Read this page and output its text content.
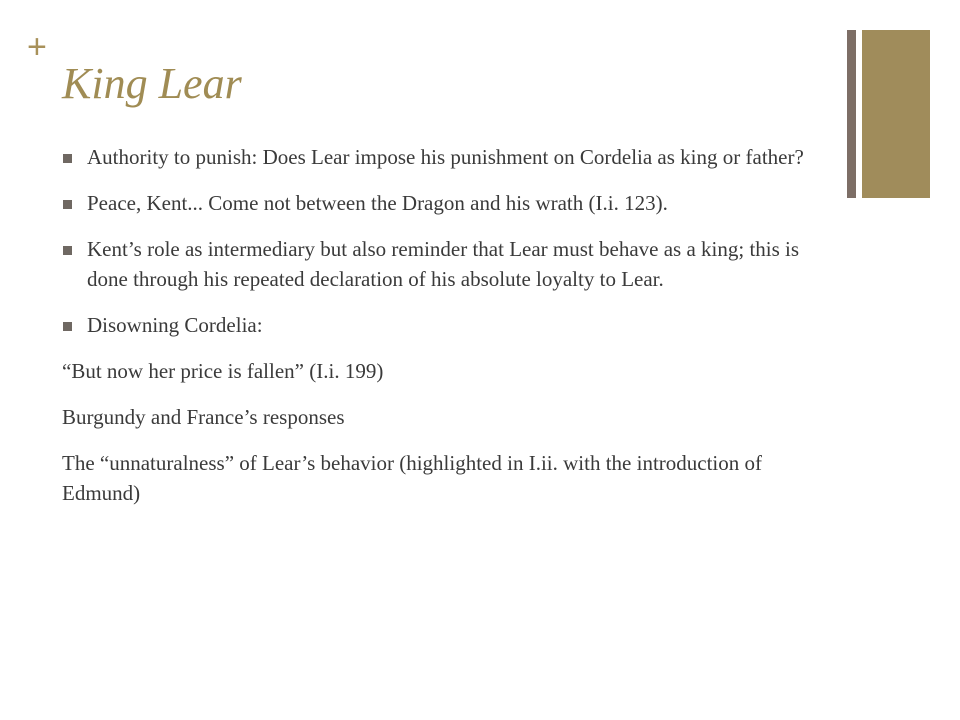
+
King Lear
Authority to punish: Does Lear impose his punishment on Cordelia as king or father?
Peace, Kent... Come not between the Dragon and his wrath (I.i. 123).
Kent’s role as intermediary but also reminder that Lear must behave as a king; this is done through his repeated declaration of his absolute loyalty to Lear.
Disowning Cordelia:
“But now her price is fallen” (I.i. 199)
Burgundy and France’s responses
The “unnaturalness” of Lear’s behavior (highlighted in I.ii. with the introduction of Edmund)
